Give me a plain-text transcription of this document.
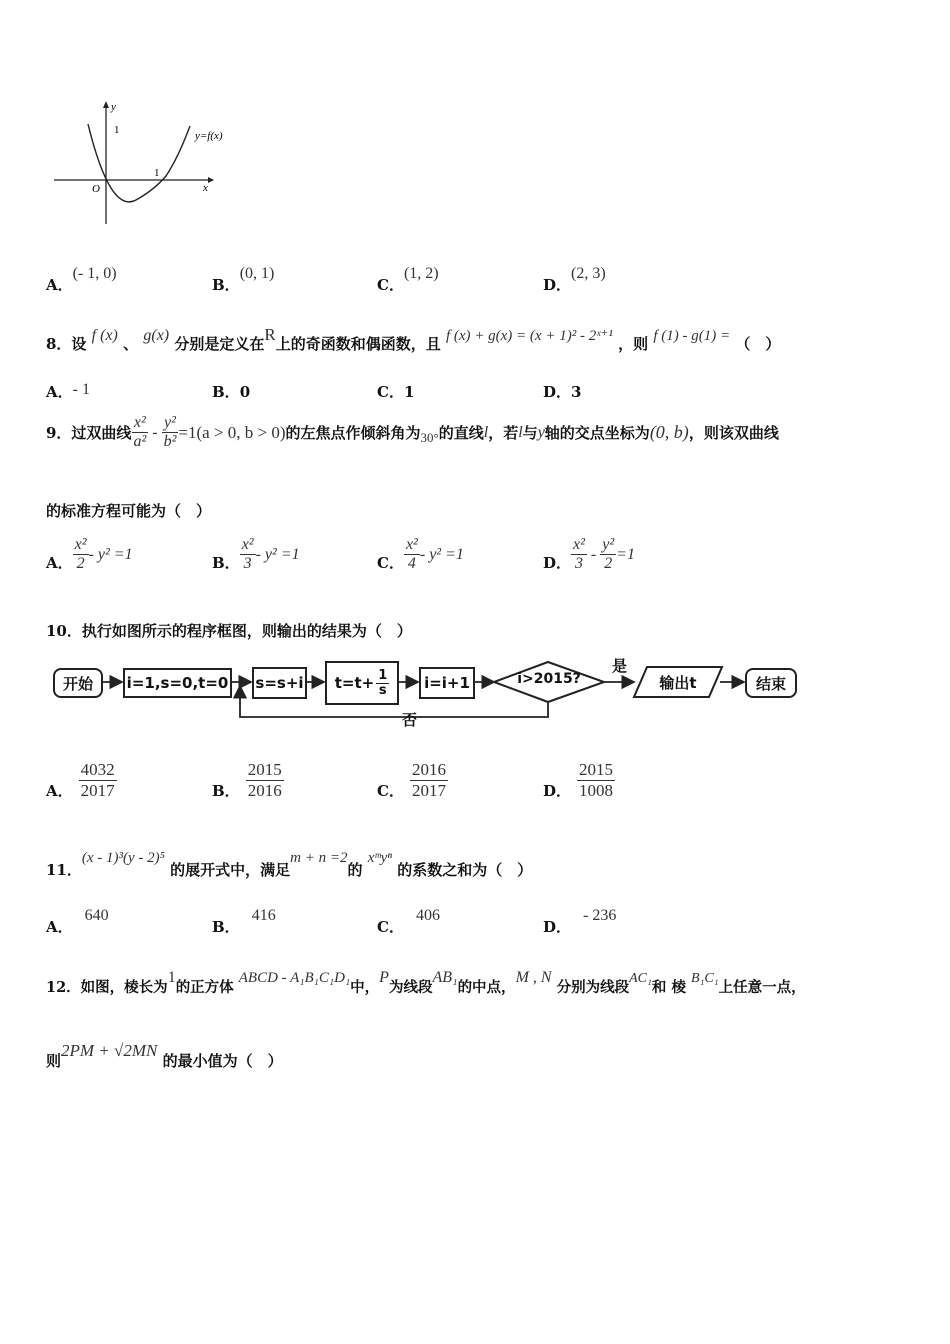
y
1	y=f(x)
O
1
x
A．(- 1, 0)
B．(0, 1)
C．(1, 2)
D．(2, 3)
8．设 f (x) 、 g(x) 分别是定义在R上的奇函数和偶函数，且 f (x) + g(x) = (x + 1)² - 2ˣ⁺¹ ，则 f (1) - g(1) = （　）
A．- 1	B．0	C．1	D．3
9．过双曲线 $\frac{\text{x²}}{\text{a²}} - \frac{\text{y²}}{\text{b²}} =1(a > 0$, b > 0) 的左焦点作倾斜角为 30° 的直线 l ，若 l 与 y 轴的交点坐标为 (0, b) ，则该双曲线
的标准方程可能为（　）
A． $\frac{\text{x²}}{2} - y^2 =1$	B． $\frac{\text{x²}}{3} - y^2 =1$	C． $\frac{\text{x²}}{4} - y^2 =1$	D． $\frac{\text{x²}}{3} - \frac{\text{y²}}{2} =1$
10．执行如图所示的程序框图，则输出的结果为（　）
开始	i=1,s=0,t=0 s=s+i $t=t+ \frac{1}{s}$	i=i+1	i>2015?
是
否
输出t	结束
A． $\frac{4032}{2017}$	B． $\frac{2015}{2016}$	C． $\frac{2016}{2017}$	D． $\frac{2015}{1008}$
11．(x - 1)³(y - 2)⁵ 的展开式中，满足m + n =2的 xᵐyⁿ 的系数之和为（　）
A．640
B．416
C．406
D．- 236
12．如图，棱长为1的正方体 ABCD - A₁B₁C₁D₁中，P为线段AB₁的中点，M , N 分别为线段AC₁和 棱 B₁C₁上任意一点，
则2PM + √2MN 的最小值为（　）
